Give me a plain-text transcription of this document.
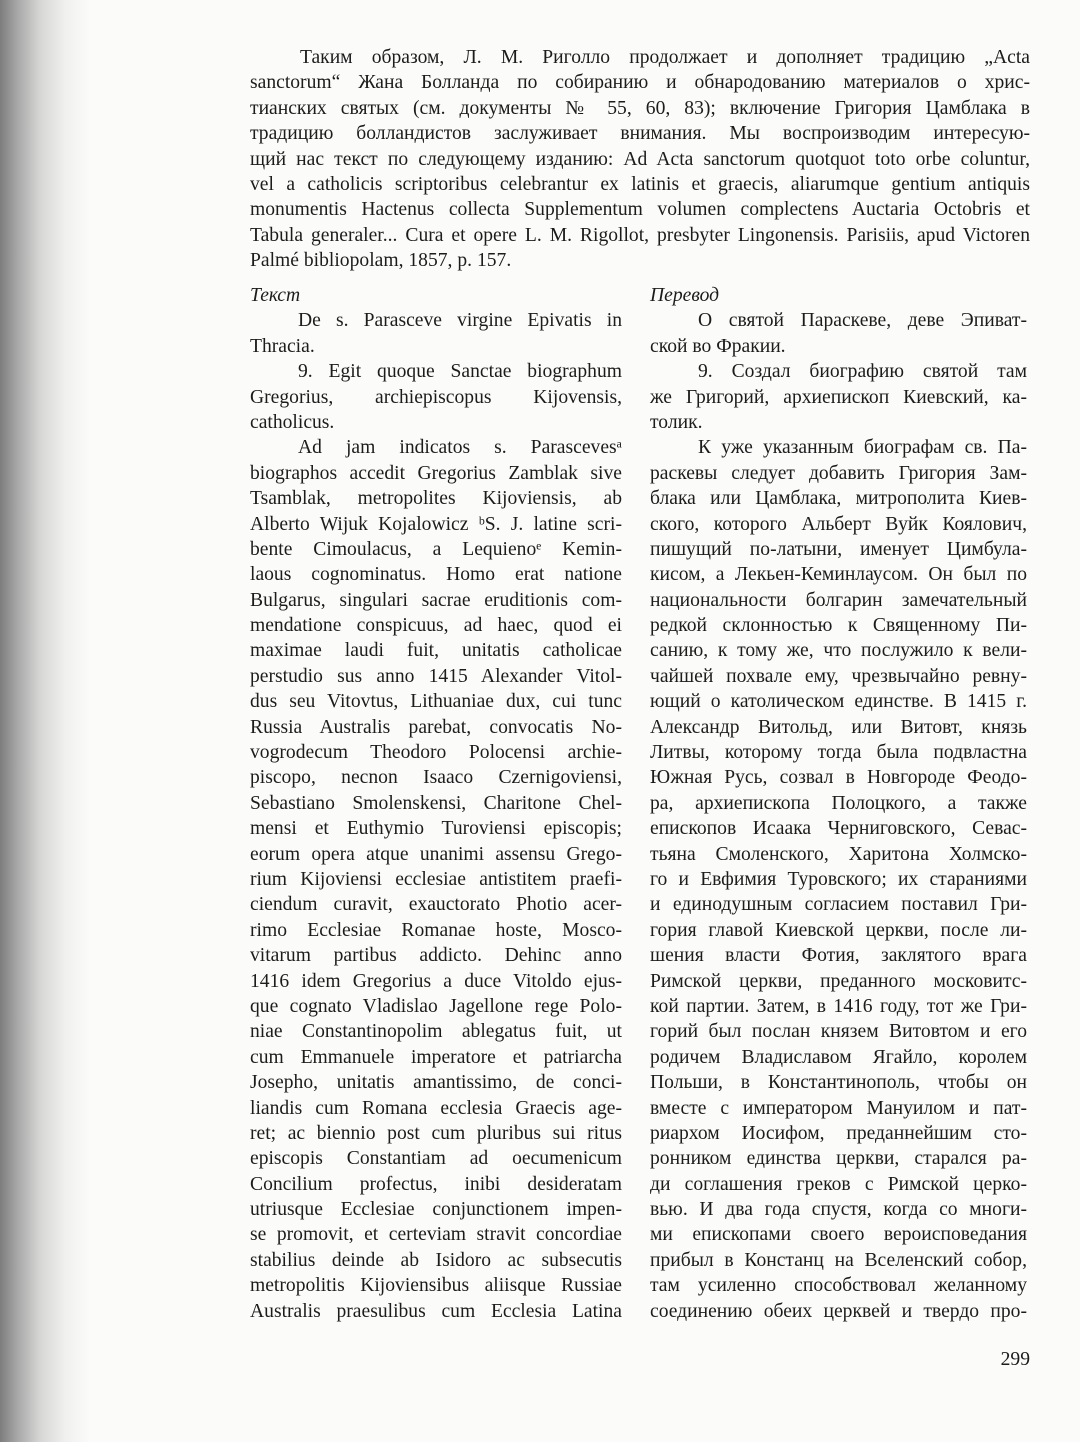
Таким образом, Л. М. Риголло продолжает и дополняет традицию „Acta
sanctorum“ Жана Болланда по собиранию и обнародованию материалов о хрис-
тианских святых (см. документы № 55, 60, 83); включение Григория Цамблака в
традицию болландистов заслуживает внимания. Мы воспроизводим интересую-
щий нас текст по следующему изданию: Ad Acta sanctorum quotquot toto orbe coluntur,
vel a catholicis scriptoribus celebrantur ex latinis et graecis, aliarumque gentium antiquis
monumentis Hactenus collecta Supplementum volumen complectens Auctaria Octobris et
Tabula generaler... Cura et opere L. M. Rigollot, presbyter Lingonensis. Parisiis, apud Victoren
Palmé bibliopolam, 1857, p. 157.
Текст
De s. Parasceve virgine Epivatis in
Thracia.
9. Egit quoque Sanctae biographum
Gregorius, archiepiscopus Kijovensis,
catholicus.
Ad jam indicatos s. Parascevesᵃ
biographos accedit Gregorius Zamblak sive
Tsamblak, metropolites Kijoviensis, ab
Alberto Wijuk Kojalowicz ᵇS. J. latine scri-
bente Cimoulacus, a Lequienoᵉ Kemin-
laous cognominatus. Homo erat natione
Bulgarus, singulari sacrae eruditionis com-
mendatione conspicuus, ad haec, quod ei
maximae laudi fuit, unitatis catholicae
perstudio sus anno 1415 Alexander Vitol-
dus seu Vitovtus, Lithuaniae dux, cui tunc
Russia Australis parebat, convocatis No-
vogrodecum Theodoro Polocensi archie-
piscopo, necnon Isaaco Czernigoviensi,
Sebastiano Smolenskensi, Charitone Chel-
mensi et Euthymio Turoviensi episcopis;
eorum opera atque unanimi assensu Grego-
rium Kijoviensi ecclesiae antistitem praefi-
ciendum curavit, exauctorato Photio acer-
rimo Ecclesiae Romanae hoste, Mosco-
vitarum partibus addicto. Dehinc anno
1416 idem Gregorius a duce Vitoldo ejus-
que cognato Vladislao Jagellone rege Polo-
niae Constantinopolim ablegatus fuit, ut
cum Emmanuele imperatore et patriarcha
Josepho, unitatis amantissimo, de conci-
liandis cum Romana ecclesia Graecis age-
ret; ac biennio post cum pluribus sui ritus
episcopis Constantiam ad oecumenicum
Concilium profectus, inibi desideratam
utriusque Ecclesiae conjunctionem impen-
se promovit, et certeviam stravit concordiae
stabilius deinde ab Isidoro ac subsecutis
metropolitis Kijoviensibus aliisque Russiae
Australis praesulibus cum Ecclesia Latina
Перевод
О святой Параскеве, деве Эпиват-
ской во Фракии.
9. Создал биографию святой там
же Григорий, архиепископ Киевский, ка-
толик.
К уже указанным биографам св. Па-
раскевы следует добавить Григория Зам-
блака или Цамблака, митрополита Киев-
ского, которого Альберт Вуйк Коялович,
пишущий по-латыни, именует Цимбула-
кисом, а Лекьен-Кеминлаусом. Он был по
национальности болгарин замечательный
редкой склонностью к Священному Пи-
санию, к тому же, что послужило к вели-
чайшей похвале ему, чрезвычайно ревну-
ющий о католическом единстве. В 1415 г.
Александр Витольд, или Витовт, князь
Литвы, которому тогда была подвластна
Южная Русь, созвал в Новгороде Феодо-
ра, архиепископа Полоцкого, а также
епископов Исаака Черниговского, Севас-
тьяна Смоленского, Харитона Холмско-
го и Евфимия Туровского; их стараниями
и единодушным согласием поставил Гри-
гория главой Киевской церкви, после ли-
шения власти Фотия, заклятого врага
Римской церкви, преданного московитс-
кой партии. Затем, в 1416 году, тот же Гри-
горий был послан князем Витовтом и его
родичем Владиславом Ягайло, королем
Польши, в Константинополь, чтобы он
вместе с императором Мануилом и пат-
риархом Иосифом, преданнейшим сто-
ронником единства церкви, старался ра-
ди соглашения греков с Римской церко-
вью. И два года спустя, когда со многи-
ми епископами своего вероисповедания
прибыл в Констанц на Вселенский собор,
там усиленно способствовал желанному
соединению обеих церквей и твердо про-
299
